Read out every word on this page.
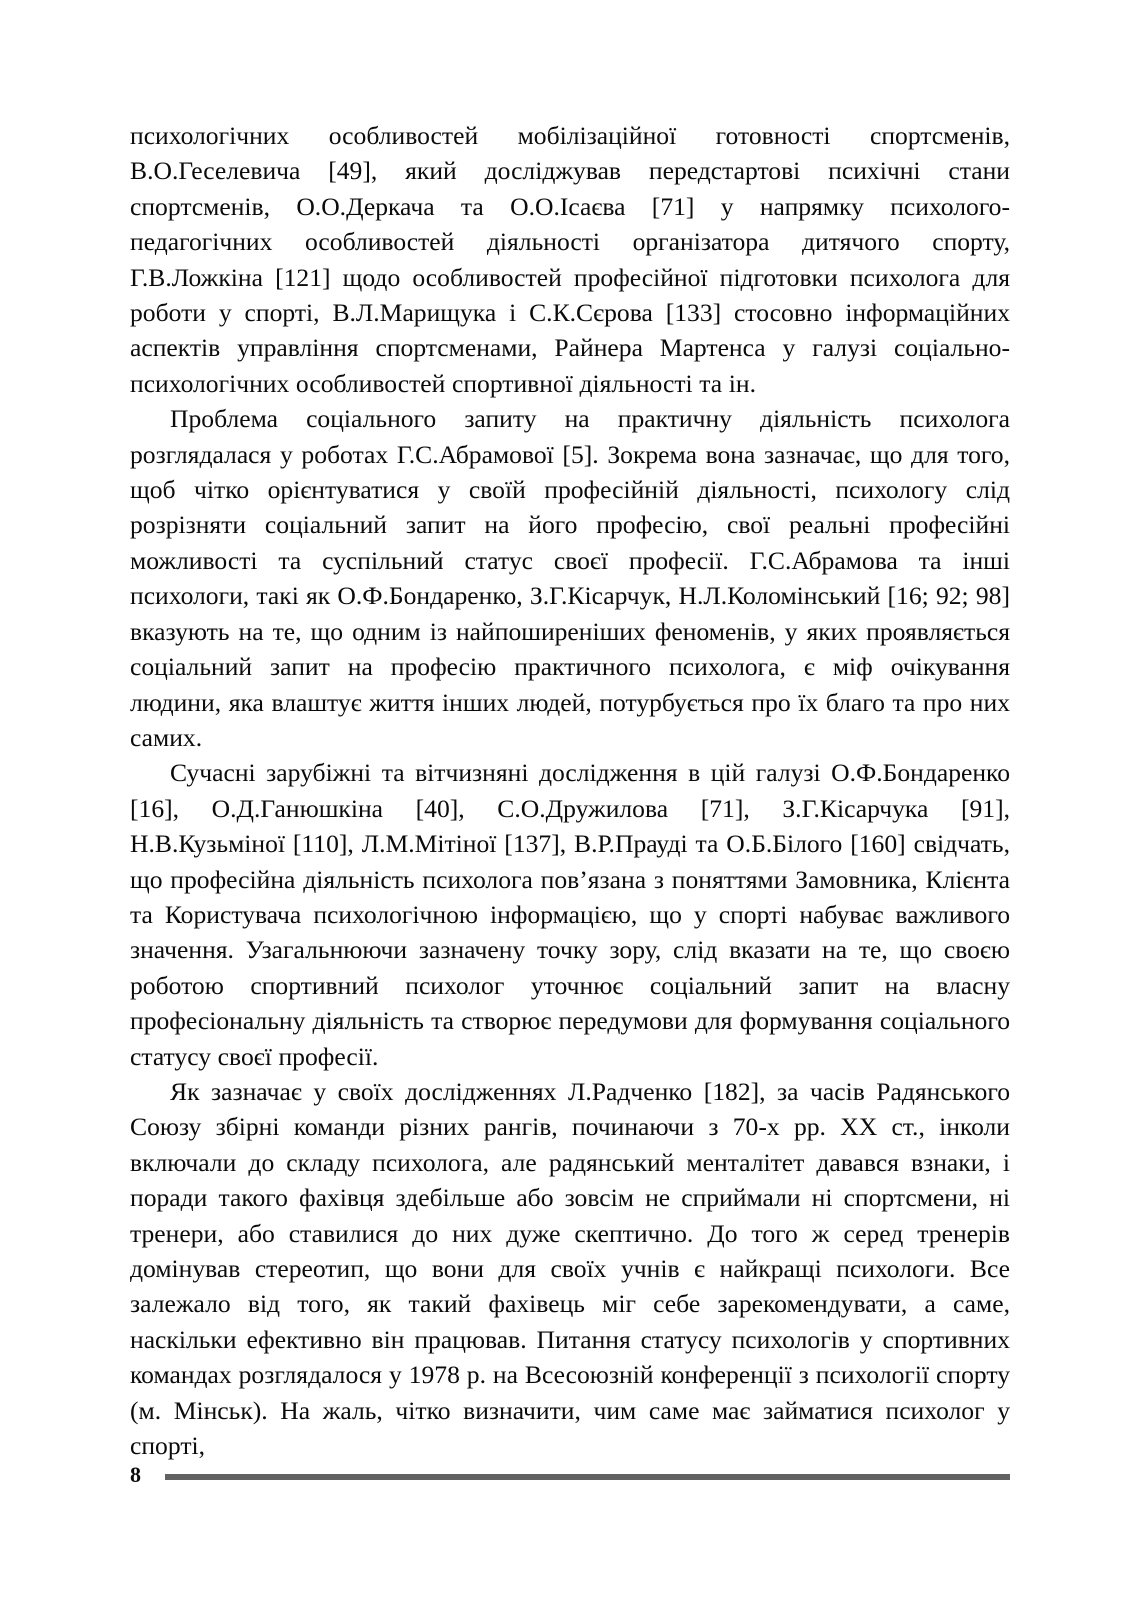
психологічних особливостей мобілізаційної готовності спортсменів, В.О.Геселевича [49], який досліджував передстартові психічні стани спортсменів, О.О.Деркача та О.О.Ісаєва [71] у напрямку психолого-педагогічних особливостей діяльності організатора дитячого спорту, Г.В.Ложкіна [121] щодо особливостей професійної підготовки психолога для роботи у спорті, В.Л.Марищука і С.К.Сєрова [133] стосовно інформаційних аспектів управління спортсменами, Райнера Мартенса у галузі соціально-психологічних особливостей спортивної діяльності та ін.

Проблема соціального запиту на практичну діяльність психолога розглядалася у роботах Г.С.Абрамової [5]. Зокрема вона зазначає, що для того, щоб чітко орієнтуватися у своїй професійній діяльності, психологу слід розрізняти соціальний запит на його професію, свої реальні професійні можливості та суспільний статус своєї професії. Г.С.Абрамова та інші психологи, такі як О.Ф.Бондаренко, З.Г.Кісарчук, Н.Л.Коломінський [16; 92; 98] вказують на те, що одним із найпоширеніших феноменів, у яких проявляється соціальний запит на професію практичного психолога, є міф очікування людини, яка влаштує життя інших людей, потурбується про їх благо та про них самих.

Сучасні зарубіжні та вітчизняні дослідження в цій галузі О.Ф.Бондаренко [16], О.Д.Ганюшкіна [40], С.О.Дружилова [71], З.Г.Кісарчука [91], Н.В.Кузьміної [110], Л.М.Мітіної [137], В.Р.Прауді та О.Б.Білого [160] свідчать, що професійна діяльність психолога пов’язана з поняттями Замовника, Клієнта та Користувача психологічною інформацією, що у спорті набуває важливого значення. Узагальнюючи зазначену точку зору, слід вказати на те, що своєю роботою спортивний психолог уточнює соціальний запит на власну професіональну діяльність та створює передумови для формування соціального статусу своєї професії.

Як зазначає у своїх дослідженнях Л.Радченко [182], за часів Радянського Союзу збірні команди різних рангів, починаючи з 70-х рр. ХХ ст., інколи включали до складу психолога, але радянський менталітет давався взнаки, і поради такого фахівця здебільше або зовсім не сприймали ні спортсмени, ні тренери, або ставилися до них дуже скептично. До того ж серед тренерів домінував стереотип, що вони для своїх учнів є найкращі психологи. Все залежало від того, як такий фахівець міг себе зарекомендувати, а саме, наскільки ефективно він працював. Питання статусу психологів у спортивних командах розглядалося у 1978 р. на Всесоюзній конференції з психології спорту (м. Мінськ). На жаль, чітко визначити, чим саме має займатися психолог у спорті,

8
